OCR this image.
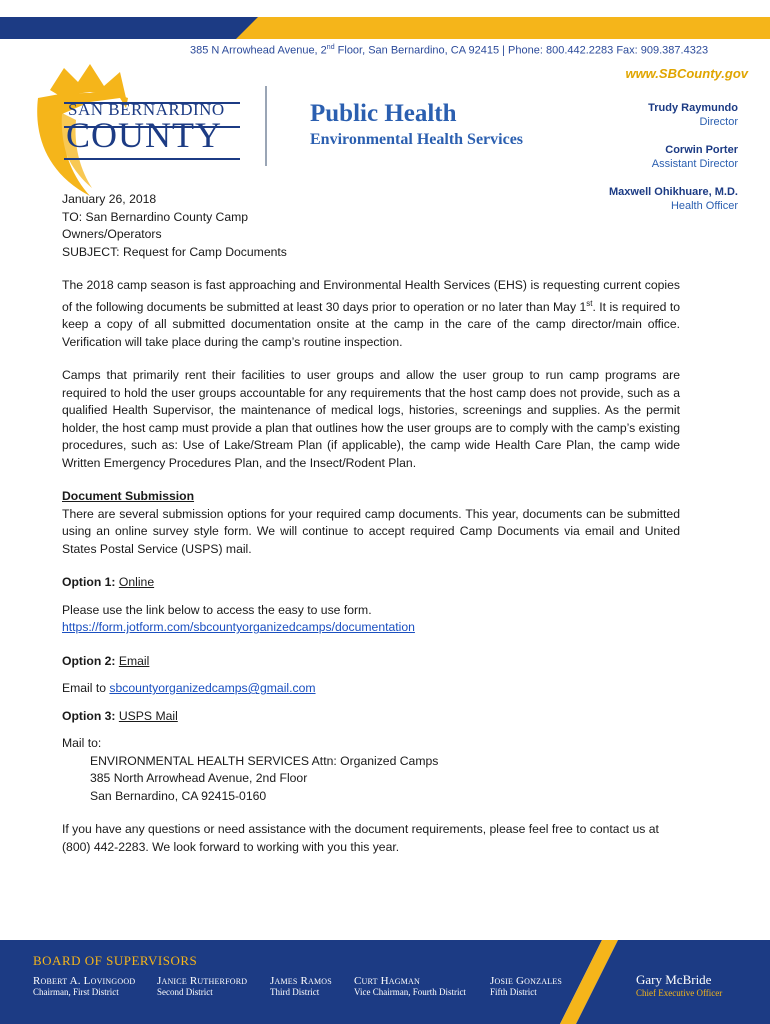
385 N Arrowhead Avenue, 2nd Floor, San Bernardino, CA 92415 | Phone: 800.442.2283 Fax: 909.387.4323
www.SBCounty.gov
SAN BERNARDINO
COUNTY
Public Health
Environmental Health Services
Trudy Raymundo
Director
Corwin Porter
Assistant Director
Maxwell Ohikhuare, M.D.
Health Officer

January 26, 2018

TO: San Bernardino County Camp

Owners/Operators

SUBJECT: Request for Camp Documents

The 2018 camp season is fast approaching and Environmental Health Services (EHS) is requesting current copies of the following documents be submitted at least 30 days prior to operation or no later than May 1st. It is required to keep a copy of all submitted documentation onsite at the camp in the care of the camp director/main office. Verification will take place during the camp’s routine inspection.

Camps that primarily rent their facilities to user groups and allow the user group to run camp programs are required to hold the user groups accountable for any requirements that the host camp does not provide, such as a qualified Health Supervisor, the maintenance of medical logs, histories, screenings and supplies. As the permit holder, the host camp must provide a plan that outlines how the user groups are to comply with the camp’s existing procedures, such as: Use of Lake/Stream Plan (if applicable), the camp wide Health Care Plan, the camp wide Written Emergency Procedures Plan, and the Insect/Rodent Plan.

Document Submission

There are several submission options for your required camp documents. This year, documents can be submitted using an online survey style form. We will continue to accept required Camp Documents via email and United States Postal Service (USPS) mail.

Option 1: Online

Please use the link below to access the easy to use form.

https://form.jotform.com/sbcountyorganizedcamps/documentation

Option 2: Email

Email to sbcountyorganizedcamps@gmail.com

Option 3: USPS Mail

Mail to:

ENVIRONMENTAL HEALTH SERVICES Attn: Organized Camps

385 North Arrowhead Avenue, 2nd Floor

San Bernardino, CA 92415-0160

If you have any questions or need assistance with the document requirements, please feel free to contact us at (800) 442-2283. We look forward to working with you this year.

BOARD OF SUPERVISORS
Robert A. Lovingood
Chairman, First District
Janice Rutherford
Second District
James Ramos
Third District
Curt Hagman
Vice Chairman, Fourth District
Josie Gonzales
Fifth District
Gary McBride
Chief Executive Officer
